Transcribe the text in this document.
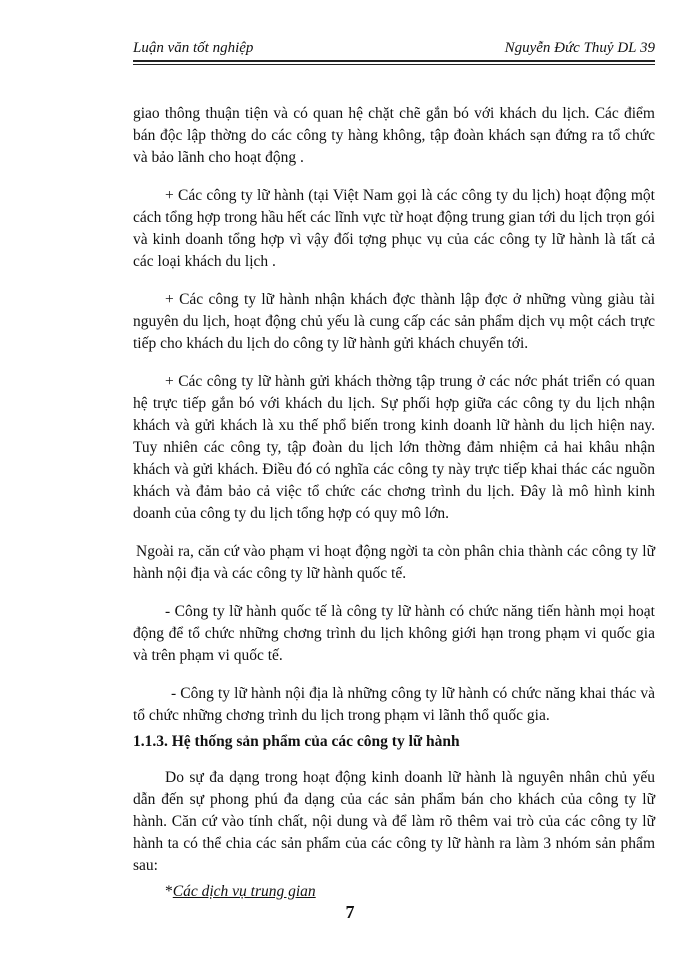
Luận văn tốt nghiệp	Nguyễn Đức Thuỷ DL 39

giao thông thuận tiện và có quan hệ chặt chẽ gắn bó với khách du lịch. Các điểm bán độc lập thờng do các công ty hàng không, tập đoàn khách sạn đứng ra tổ chức và bảo lãnh cho hoạt động .

+ Các công ty lữ hành (tại Việt Nam gọi là các công ty du lịch) hoạt động một cách tổng hợp trong hầu hết các lĩnh vực từ hoạt động trung gian tới du lịch trọn gói và kinh doanh tổng hợp vì vậy đối tợng phục vụ của các công ty lữ hành là tất cả các loại khách du lịch .

+ Các công ty lữ hành nhận khách đợc thành lập đợc ở những vùng giàu tài nguyên du lịch, hoạt động chủ yếu là cung cấp các sản phẩm dịch vụ một cách trực tiếp cho khách du lịch do công ty lữ hành gửi khách chuyển tới.

+ Các công ty lữ hành gửi khách thờng tập trung ở các nớc phát triển có quan hệ trực tiếp gắn bó với khách du lịch. Sự phối hợp giữa các công ty du lịch nhận khách và gửi khách là xu thế phổ biến trong kinh doanh lữ hành du lịch hiện nay. Tuy nhiên các công ty, tập đoàn du lịch lớn thờng đảm nhiệm cả hai khâu nhận khách và gửi khách. Điều đó có nghĩa các công ty này trực tiếp khai thác các nguồn khách và đảm bảo cả việc tổ chức các chơng trình du lịch. Đây là mô hình kinh doanh của công ty du lịch tổng hợp có quy mô lớn.

Ngoài ra, căn cứ vào phạm vi hoạt động ngời ta còn phân chia thành các công ty lữ hành nội địa và các công ty lữ hành quốc tế.

- Công ty lữ hành quốc tế là công ty lữ hành có chức năng tiến hành mọi hoạt động để tổ chức những chơng trình du lịch không giới hạn trong phạm vi quốc gia và trên phạm vi quốc tế.

- Công ty lữ hành nội địa là những công ty lữ hành có chức năng khai thác và tổ chức những chơng trình du lịch trong phạm vi lãnh thổ quốc gia.

1.1.3. Hệ thống sản phẩm của các công ty lữ hành

Do sự đa dạng trong hoạt động kinh doanh lữ hành là nguyên nhân chủ yếu dẫn đến sự phong phú đa dạng của các sản phẩm bán cho khách của công ty lữ hành. Căn cứ vào tính chất, nội dung và để làm rõ thêm vai trò của các công ty lữ hành ta có thể chia các sản phẩm của các công ty lữ hành ra làm 3 nhóm sản phẩm sau:

*Các dịch vụ trung gian
7
